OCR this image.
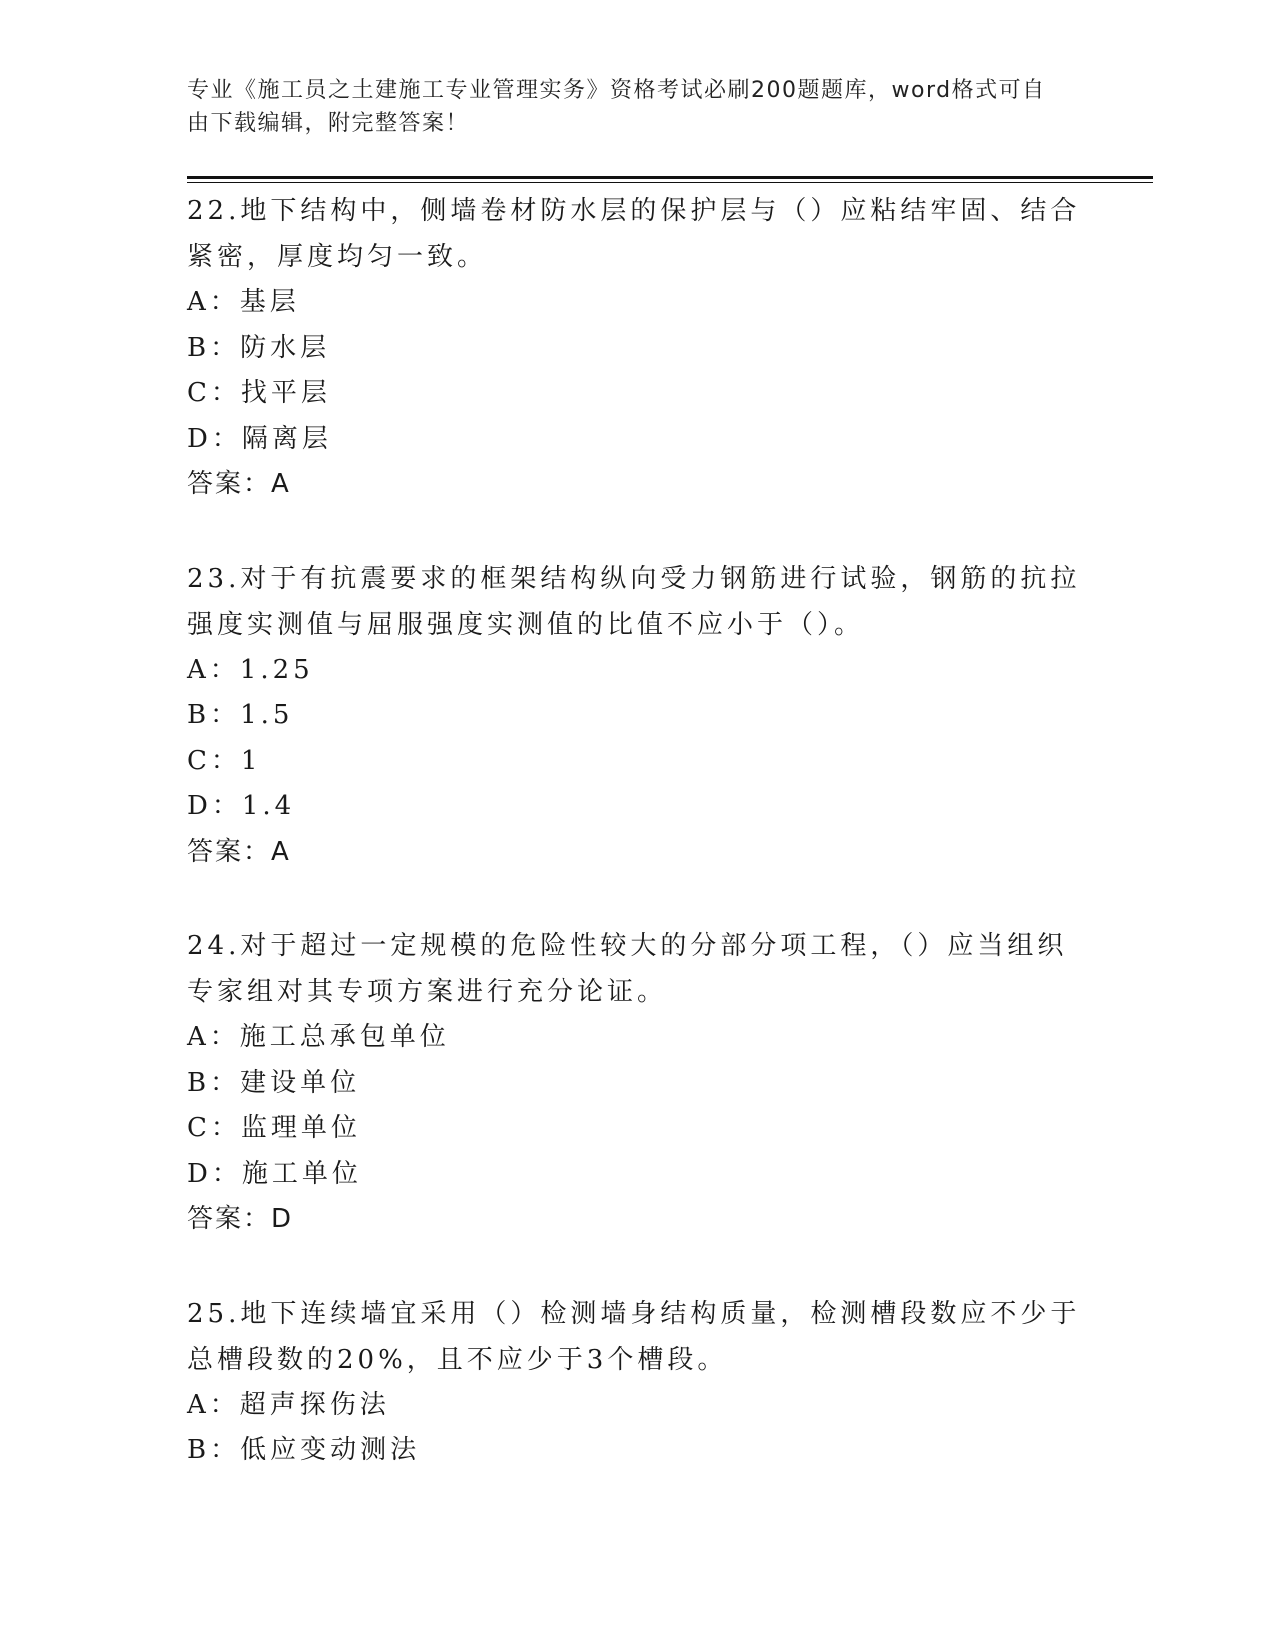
专业《施工员之土建施工专业管理实务》资格考试必刷200题题库，word格式可自由下载编辑，附完整答案！

22.地下结构中，侧墙卷材防水层的保护层与（）应粘结牢固、结合紧密，厚度均匀一致。

A：基层

B：防水层

C：找平层

D：隔离层

答案：A

23.对于有抗震要求的框架结构纵向受力钢筋进行试验，钢筋的抗拉强度实测值与屈服强度实测值的比值不应小于（）。

A：1.25

B：1.5

C：1

D：1.4

答案：A

24.对于超过一定规模的危险性较大的分部分项工程，（）应当组织专家组对其专项方案进行充分论证。

A：施工总承包单位

B：建设单位

C：监理单位

D：施工单位

答案：D

25.地下连续墙宜采用（）检测墙身结构质量，检测槽段数应不少于总槽段数的20%，且不应少于3个槽段。

A：超声探伤法

B：低应变动测法
